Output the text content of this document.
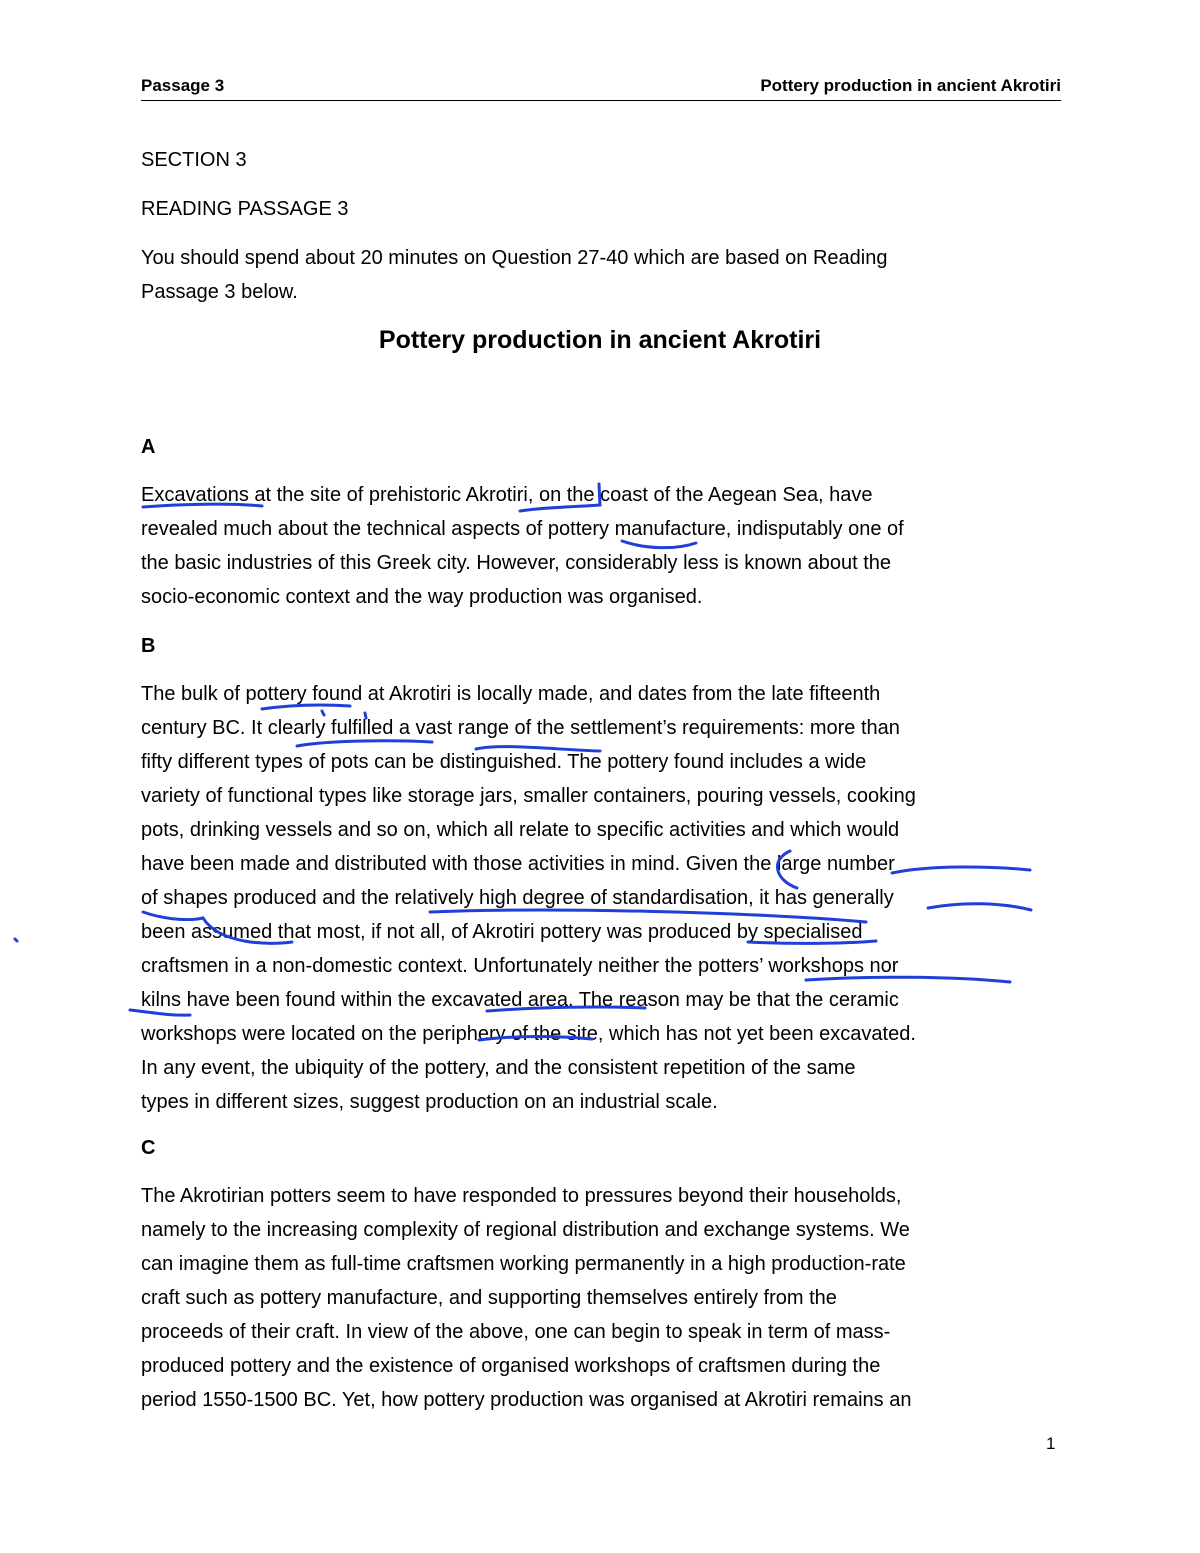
Passage 3	Pottery production in ancient Akrotiri
SECTION 3
READING PASSAGE 3
You should spend about 20 minutes on Question 27-40 which are based on Reading
Passage 3 below.
Pottery production in ancient Akrotiri
A
Excavations at the site of prehistoric Akrotiri, on the coast of the Aegean Sea, have
revealed much about the technical aspects of pottery manufacture, indisputably one of
the basic industries of this Greek city. However, considerably less is known about the
socio-economic context and the way production was organised.
B
The bulk of pottery found at Akrotiri is locally made, and dates from the late fifteenth
century BC. It clearly fulfilled a vast range of the settlement’s requirements: more than
fifty different types of pots can be distinguished. The pottery found includes a wide
variety of functional types like storage jars, smaller containers, pouring vessels, cooking
pots, drinking vessels and so on, which all relate to specific activities and which would
have been made and distributed with those activities in mind. Given the large number
of shapes produced and the relatively high degree of standardisation, it has generally
been assumed that most, if not all, of Akrotiri pottery was produced by specialised
craftsmen in a non-domestic context. Unfortunately neither the potters’ workshops nor
kilns have been found within the excavated area. The reason may be that the ceramic
workshops were located on the periphery of the site, which has not yet been excavated.
In any event, the ubiquity of the pottery, and the consistent repetition of the same
types in different sizes, suggest production on an industrial scale.
C
The Akrotirian potters seem to have responded to pressures beyond their households,
namely to the increasing complexity of regional distribution and exchange systems. We
can imagine them as full-time craftsmen working permanently in a high production-rate
craft such as pottery manufacture, and supporting themselves entirely from the
proceeds of their craft. In view of the above, one can begin to speak in term of mass-
produced pottery and the existence of organised workshops of craftsmen during the
period 1550-1500 BC. Yet, how pottery production was organised at Akrotiri remains an
1
